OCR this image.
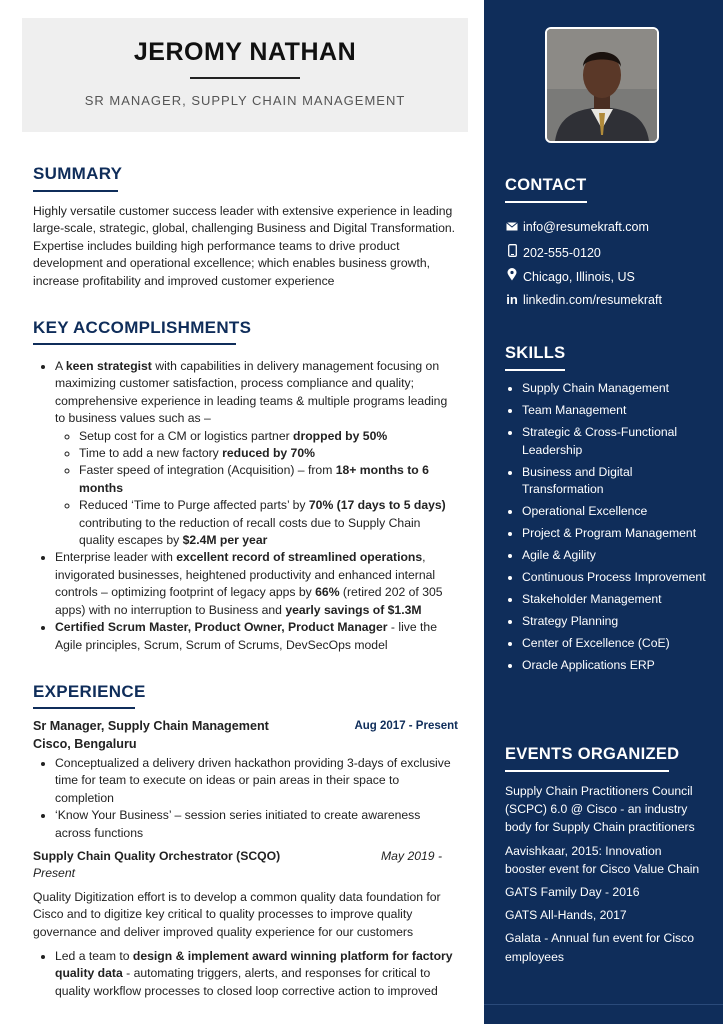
JEROMY NATHAN
SR MANAGER, SUPPLY CHAIN MANAGEMENT
SUMMARY
Highly versatile customer success leader with extensive experience in leading large-scale, strategic, global, challenging Business and Digital Transformation. Expertise includes building high performance teams to drive product development and operational excellence; which enables business growth, increase profitability and improved customer experience
KEY ACCOMPLISHMENTS
• A keen strategist with capabilities in delivery management focusing on maximizing customer satisfaction, process compliance and quality; comprehensive experience in leading teams & multiple programs leading to business values such as –
◦ Setup cost for a CM or logistics partner dropped by 50%
◦ Time to add a new factory reduced by 70%
◦ Faster speed of integration (Acquisition) – from 18+ months to 6 months
◦ Reduced ‘Time to Purge affected parts’ by 70% (17 days to 5 days) contributing to the reduction of recall costs due to Supply Chain quality escapes by $2.4M per year
• Enterprise leader with excellent record of streamlined operations, invigorated businesses, heightened productivity and enhanced internal controls – optimizing footprint of legacy apps by 66% (retired 202 of 305 apps) with no interruption to Business and yearly savings of $1.3M
• Certified Scrum Master, Product Owner, Product Manager - live the Agile principles, Scrum, Scrum of Scrums, DevSecOps model
EXPERIENCE
Sr Manager, Supply Chain Management	Aug 2017 - Present
Cisco, Bengaluru
• Conceptualized a delivery driven hackathon providing 3-days of exclusive time for team to execute on ideas or pain areas in their space to completion
• ‘Know Your Business’ – session series initiated to create awareness across functions
Supply Chain Quality Orchestrator (SCQO)	May 2019 -
Present
Quality Digitization effort is to develop a common quality data foundation for Cisco and to digitize key critical to quality processes to improve quality governance and deliver improved quality experience for our customers
• Led a team to design & implement award winning platform for factory quality data - automating triggers, alerts, and responses for critical to quality workflow processes to closed loop corrective action to improved
CONTACT
info@resumekraft.com
202-555-0120
Chicago, Illinois, US
in linkedin.com/resumekraft
SKILLS
• Supply Chain Management
• Team Management
• Strategic & Cross-Functional Leadership
• Business and Digital Transformation
• Operational Excellence
• Project & Program Management
• Agile & Agility
• Continuous Process Improvement
• Stakeholder Management
• Strategy Planning
• Center of Excellence (CoE)
• Oracle Applications ERP
EVENTS ORGANIZED
Supply Chain Practitioners Council (SCPC) 6.0 @ Cisco - an industry body for Supply Chain practitioners
Aavishkaar, 2015: Innovation booster event for Cisco Value Chain
GATS Family Day - 2016
GATS All-Hands, 2017
Galata - Annual fun event for Cisco employees
